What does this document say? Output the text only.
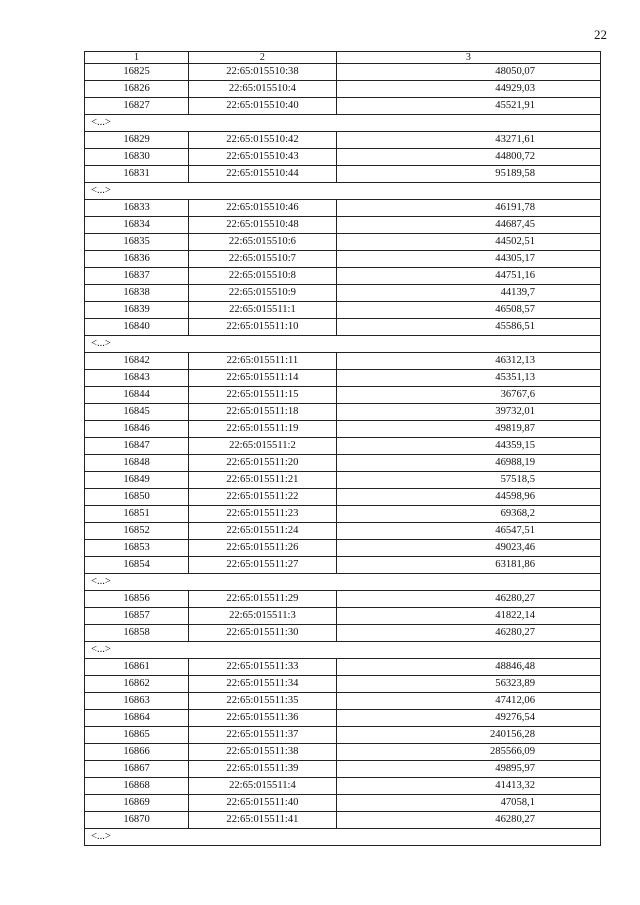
22
1	2	3
16825	22:65:015510:38	48050,07
16826	22:65:015510:4	44929,03
16827	22:65:015510:40	45521,91
<...>		
16829	22:65:015510:42	43271,61
16830	22:65:015510:43	44800,72
16831	22:65:015510:44	95189,58
<...>		
16833	22:65:015510:46	46191,78
16834	22:65:015510:48	44687,45
16835	22:65:015510:6	44502,51
16836	22:65:015510:7	44305,17
16837	22:65:015510:8	44751,16
16838	22:65:015510:9	44139,7
16839	22:65:015511:1	46508,57
16840	22:65:015511:10	45586,51
<...>		
16842	22:65:015511:11	46312,13
16843	22:65:015511:14	45351,13
16844	22:65:015511:15	36767,6
16845	22:65:015511:18	39732,01
16846	22:65:015511:19	49819,87
16847	22:65:015511:2	44359,15
16848	22:65:015511:20	46988,19
16849	22:65:015511:21	57518,5
16850	22:65:015511:22	44598,96
16851	22:65:015511:23	69368,2
16852	22:65:015511:24	46547,51
16853	22:65:015511:26	49023,46
16854	22:65:015511:27	63181,86
<...>		
16856	22:65:015511:29	46280,27
16857	22:65:015511:3	41822,14
16858	22:65:015511:30	46280,27
<...>		
16861	22:65:015511:33	48846,48
16862	22:65:015511:34	56323,89
16863	22:65:015511:35	47412,06
16864	22:65:015511:36	49276,54
16865	22:65:015511:37	240156,28
16866	22:65:015511:38	285566,09
16867	22:65:015511:39	49895,97
16868	22:65:015511:4	41413,32
16869	22:65:015511:40	47058,1
16870	22:65:015511:41	46280,27
<...>		
